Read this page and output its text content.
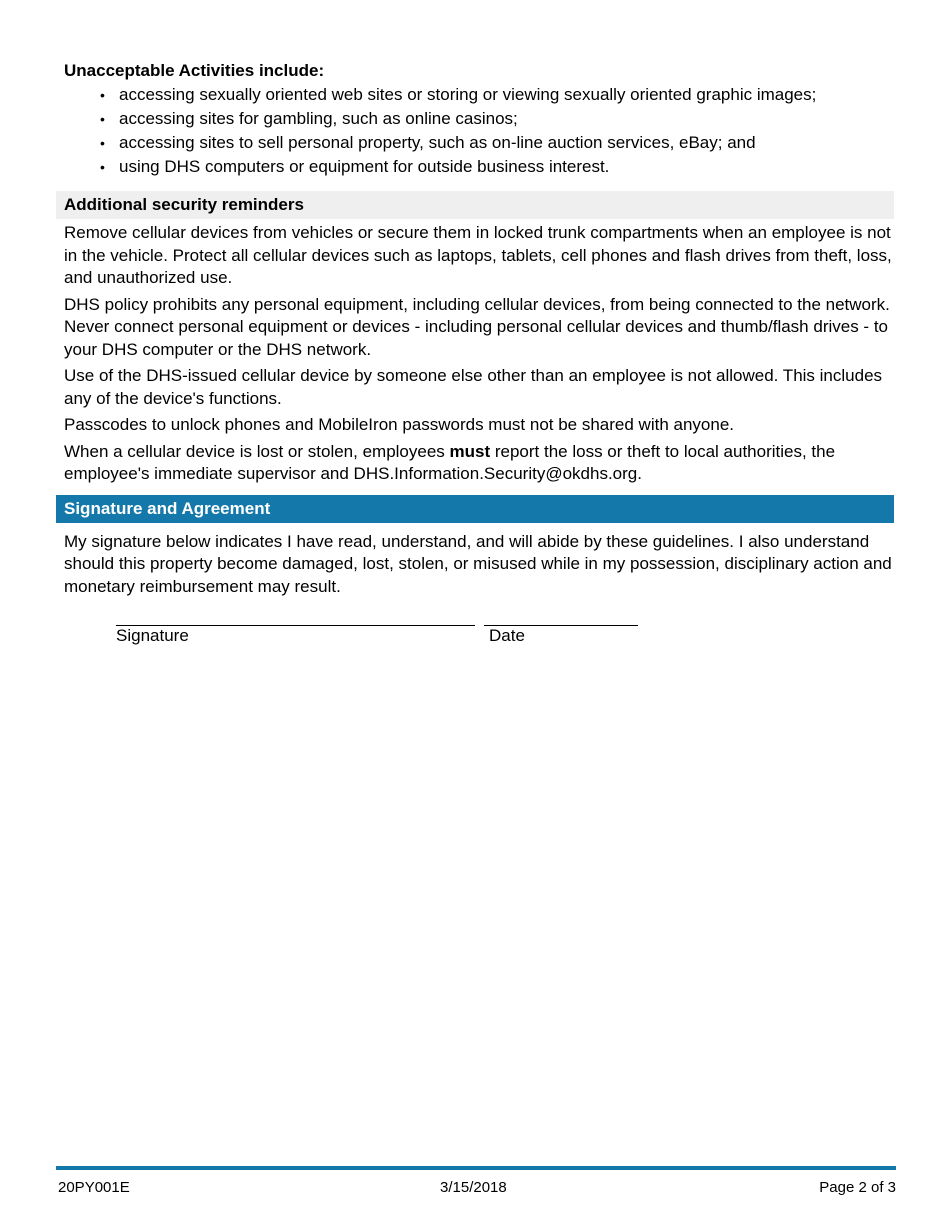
Unacceptable Activities include:
• accessing sexually oriented web sites or storing or viewing sexually oriented graphic images;
• accessing sites for gambling, such as online casinos;
• accessing sites to sell personal property, such as on-line auction services, eBay; and
• using DHS computers or equipment for outside business interest.
Additional security reminders

Remove cellular devices from vehicles or secure them in locked trunk compartments when an employee is not in the vehicle. Protect all cellular devices such as laptops, tablets, cell phones and flash drives from theft, loss, and unauthorized use.

DHS policy prohibits any personal equipment, including cellular devices, from being connected to the network. Never connect personal equipment or devices - including personal cellular devices and thumb/flash drives - to your DHS computer or the DHS network.

Use of the DHS-issued cellular device by someone else other than an employee is not allowed. This includes any of the device's functions.

Passcodes to unlock phones and MobileIron passwords must not be shared with anyone.

When a cellular device is lost or stolen, employees must report the loss or theft to local authorities, the employee's immediate supervisor and DHS.Information.Security@okdhs.org.

Signature and Agreement

My signature below indicates I have read, understand, and will abide by these guidelines. I also understand should this property become damaged, lost, stolen, or misused while in my possession, disciplinary action and monetary reimbursement may result.

Signature	Date
20PY001E	3/15/2018	Page 2 of 3
